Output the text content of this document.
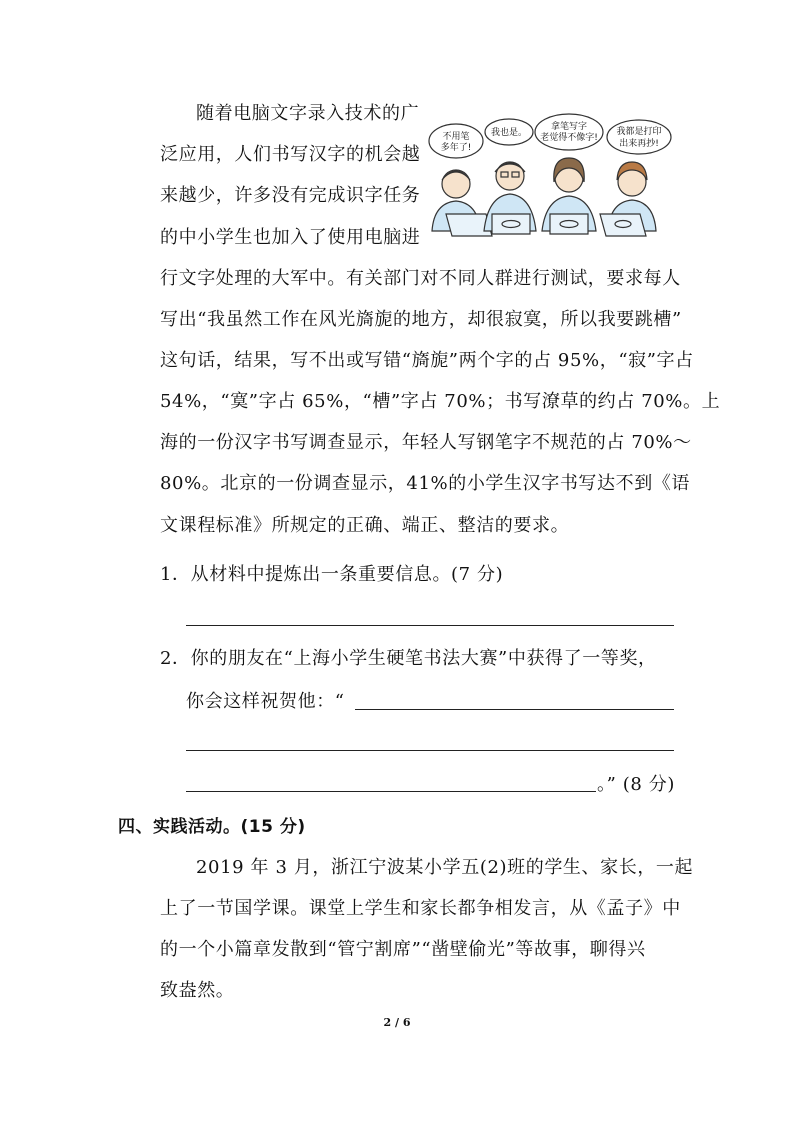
随着电脑文字录入技术的广
泛应用，人们书写汉字的机会越
来越少，许多没有完成识字任务
的中小学生也加入了使用电脑进
行文字处理的大军中。有关部门对不同人群进行测试，要求每人
写出“我虽然工作在风光旖旎的地方，却很寂寞，所以我要跳槽”
这句话，结果，写不出或写错“旖旎”两个字的占 95%，“寂”字占
54%，“寞”字占 65%，“槽”字占 70%；书写潦草的约占 70%。上
海的一份汉字书写调查显示，年轻人写钢笔字不规范的占 70%～
80%。北京的一份调查显示，41%的小学生汉字书写达不到《语
文课程标准》所规定的正确、端正、整洁的要求。
不用笔
多年了!
我也是。
拿笔写字
老觉得不像字!
我都是打印
出来再抄!
1．从材料中提炼出一条重要信息。(7 分)
2．你的朋友在“上海小学生硬笔书法大赛”中获得了一等奖，
你会这样祝贺他：“
。” (8 分)
四、实践活动。(15 分)
2019 年 3 月，浙江宁波某小学五(2)班的学生、家长，一起
上了一节国学课。课堂上学生和家长都争相发言，从《孟子》中
的一个小篇章发散到“管宁割席”“凿壁偷光”等故事，聊得兴
致盎然。
2 / 6
